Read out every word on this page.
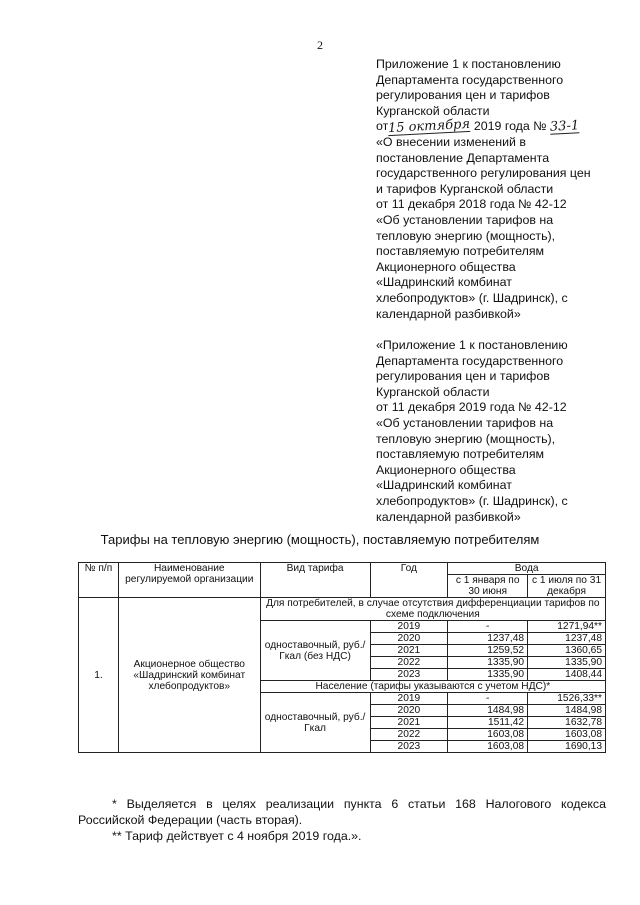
2
Приложение 1 к постановлению
Департамента государственного
регулирования цен и тарифов
Курганской области
от15 октября 2019 года № 33-1
«О внесении изменений в
постановление Департамента
государственного регулирования цен
и тарифов Курганской области
от 11 декабря 2018 года № 42-12
«Об установлении тарифов на
тепловую энергию (мощность),
поставляемую потребителям
Акционерного общества
«Шадринский комбинат
хлебопродуктов» (г. Шадринск), с
календарной разбивкой»
«Приложение 1 к постановлению
Департамента государственного
регулирования цен и тарифов
Курганской области
от 11 декабря 2019 года № 42-12
«Об установлении тарифов на
тепловую энергию (мощность),
поставляемую потребителям
Акционерного общества
«Шадринский комбинат
хлебопродуктов» (г. Шадринск), с
календарной разбивкой»
Тарифы на тепловую энергию (мощность), поставляемую потребителям
№ п/п	Наименование регулируемой организации	Вид тарифа	Год	Вода	
				с 1 января по 30 июня	с 1 июля по 31 декабря
1.	Акционерное общество «Шадринский комбинат хлебопродуктов»	Для потребителей, в случае отсутствия дифференциации тарифов по схеме подключения			
		одноставочный, руб./Гкал (без НДС)	2019	-	1271,94**
			2020	1237,48	1237,48
			2021	1259,52	1360,65
			2022	1335,90	1335,90
			2023	1335,90	1408,44
		Население (тарифы указываются с учетом НДС)*			
		одноставочный, руб./Гкал	2019	-	1526,33**
			2020	1484,98	1484,98
			2021	1511,42	1632,78
			2022	1603,08	1603,08
			2023	1603,08	1690,13

* Выделяется в целях реализации пункта 6 статьи 168 Налогового кодекса Российской Федерации (часть вторая).

** Тариф действует с 4 ноября 2019 года.».
